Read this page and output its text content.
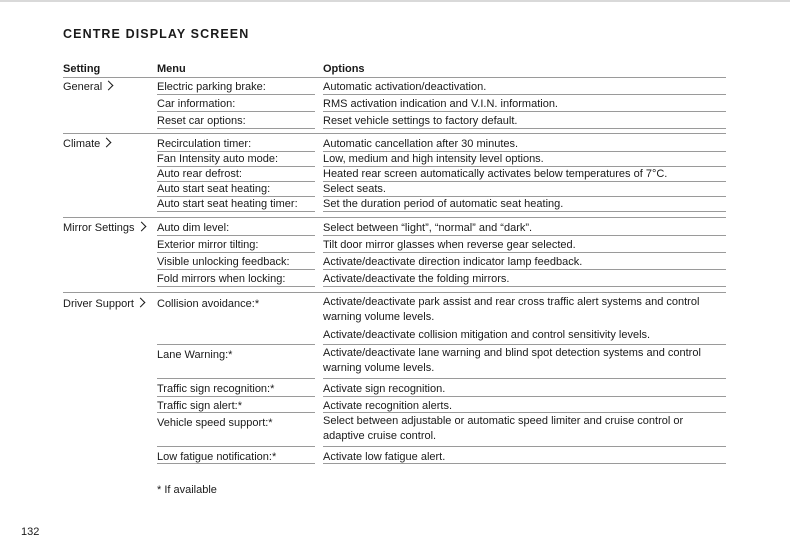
CENTRE DISPLAY SCREEN
Setting	Menu	Options
General	Electric parking brake:	Automatic activation/deactivation.
Car information:	RMS activation indication and V.I.N. information.
Reset car options:	Reset vehicle settings to factory default.
Climate	Recirculation timer:	Automatic cancellation after 30 minutes.
Fan Intensity auto mode:	Low, medium and high intensity level options.
Auto rear defrost:	Heated rear screen automatically activates below temperatures of 7°C.
Auto start seat heating:	Select seats.
Auto start seat heating timer: Set the duration period of automatic seat heating.
Mirror Settings	Auto dim level:	Select between “light”, “normal” and “dark”.
Exterior mirror tilting:	Tilt door mirror glasses when reverse gear selected.
Visible unlocking feedback:	Activate/deactivate direction indicator lamp feedback.
Fold mirrors when locking:	Activate/deactivate the folding mirrors.
Driver Support	Collision avoidance:*	Activate/deactivate park assist and rear cross traffic alert systems and control warning volume levels.
Activate/deactivate collision mitigation and control sensitivity levels.
Lane Warning:*	Activate/deactivate lane warning and blind spot detection systems and control warning volume levels.
Traffic sign recognition:*	Activate sign recognition.
Traffic sign alert:*	Activate recognition alerts.
Vehicle speed support:*	Select between adjustable or automatic speed limiter and cruise control or adaptive cruise control.
Low fatigue notification:*	Activate low fatigue alert.
* If available
132
